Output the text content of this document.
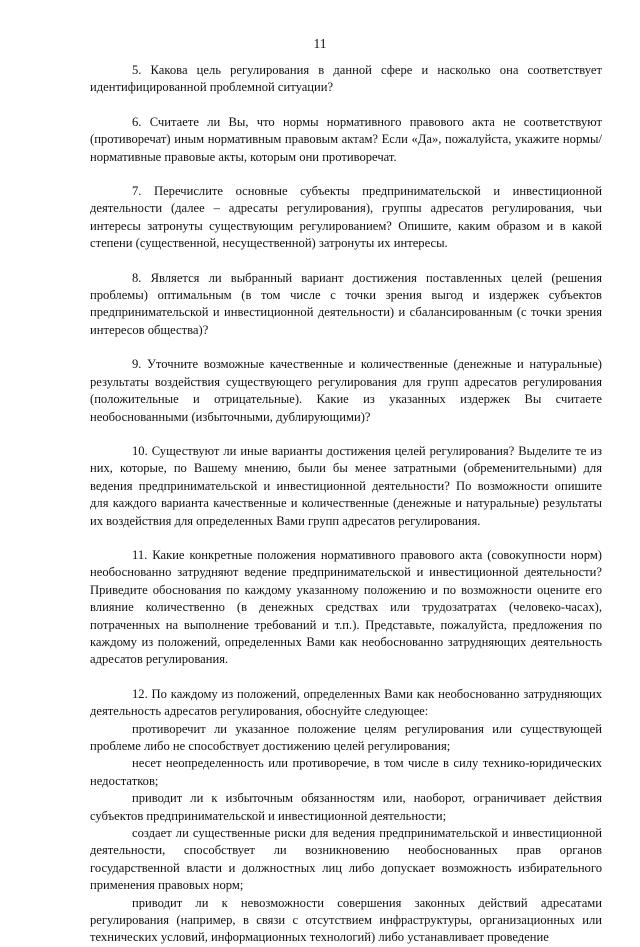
11

5. Какова цель регулирования в данной сфере и насколько она соответствует идентифицированной проблемной ситуации?

6. Считаете ли Вы, что нормы нормативного правового акта не соответствуют (противоречат) иным нормативным правовым актам? Если «Да», пожалуйста, укажите нормы/нормативные правовые акты, которым они противоречат.

7. Перечислите основные субъекты предпринимательской и инвестиционной деятельности (далее – адресаты регулирования), группы адресатов регулирования, чьи интересы затронуты существующим регулированием? Опишите, каким образом и в какой степени (существенной, несущественной) затронуты их интересы.

8. Является ли выбранный вариант достижения поставленных целей (решения проблемы) оптимальным (в том числе с точки зрения выгод и издержек субъектов предпринимательской и инвестиционной деятельности) и сбалансированным (с точки зрения интересов общества)?

9. Уточните возможные качественные и количественные (денежные и натуральные) результаты воздействия существующего регулирования для групп адресатов регулирования (положительные и отрицательные). Какие из указанных издержек Вы считаете необоснованными (избыточными, дублирующими)?

10. Существуют ли иные варианты достижения целей регулирования? Выделите те из них, которые, по Вашему мнению, были бы менее затратными (обременительными) для ведения предпринимательской и инвестиционной деятельности? По возможности опишите для каждого варианта качественные и количественные (денежные и натуральные) результаты их воздействия для определенных Вами групп адресатов регулирования.

11. Какие конкретные положения нормативного правового акта (совокупности норм) необоснованно затрудняют ведение предпринимательской и инвестиционной деятельности? Приведите обоснования по каждому указанному положению и по возможности оцените его влияние количественно (в денежных средствах или трудозатратах (человеко-часах), потраченных на выполнение требований и т.п.). Представьте, пожалуйста, предложения по каждому из положений, определенных Вами как необоснованно затрудняющих деятельность адресатов регулирования.

12. По каждому из положений, определенных Вами как необоснованно затрудняющих деятельность адресатов регулирования, обоснуйте следующее:

противоречит ли указанное положение целям регулирования или существующей проблеме либо не способствует достижению целей регулирования;

несет неопределенность или противоречие, в том числе в силу технико-юридических недостатков;

приводит ли к избыточным обязанностям или, наоборот, ограничивает действия субъектов предпринимательской и инвестиционной деятельности;

создает ли существенные риски для ведения предпринимательской и инвестиционной деятельности, способствует ли возникновению необоснованных прав органов государственной власти и должностных лиц либо допускает возможность избирательного применения правовых норм;

приводит ли к невозможности совершения законных действий адресатами регулирования (например, в связи с отсутствием инфраструктуры, организационных или технических условий, информационных технологий) либо устанавливает проведение
